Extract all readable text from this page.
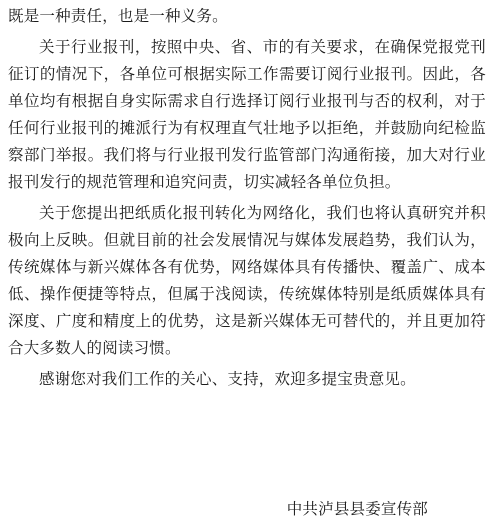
既是一种责任，也是一种义务。

关于行业报刊，按照中央、省、市的有关要求，在确保党报党刊征订的情况下，各单位可根据实际工作需要订阅行业报刊。因此，各单位均有根据自身实际需求自行选择订阅行业报刊与否的权利，对于任何行业报刊的摊派行为有权理直气壮地予以拒绝，并鼓励向纪检监察部门举报。我们将与行业报刊发行监管部门沟通衔接，加大对行业报刊发行的规范管理和追究问责，切实减轻各单位负担。

关于您提出把纸质化报刊转化为网络化，我们也将认真研究并积极向上反映。但就目前的社会发展情况与媒体发展趋势，我们认为，传统媒体与新兴媒体各有优势，网络媒体具有传播快、覆盖广、成本低、操作便捷等特点，但属于浅阅读，传统媒体特别是纸质媒体具有深度、广度和精度上的优势，这是新兴媒体无可替代的，并且更加符合大多数人的阅读习惯。

感谢您对我们工作的关心、支持，欢迎多提宝贵意见。

中共泸县县委宣传部
